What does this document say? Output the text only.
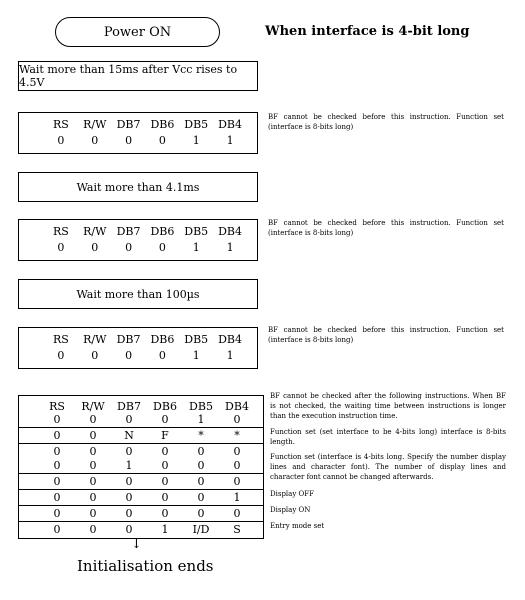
Power ON	When interface is 4-bit long
Wait more than 15ms after Vcc rises to 4.5V
RS	R/W DB7 DB6 DB5 DB4
0	0	0	0	1	1
BF cannot be checked before this instruction. Function set (interface is 8-bits long)
Wait more than 4.1ms
RS	R/W DB7 DB6 DB5 DB4
0	0	0	0	1	1
BF cannot be checked before this instruction. Function set (interface is 8-bits long)
Wait more than 100µs
RS	R/W DB7 DB6 DB5 DB4
0	0	0	0	1	1
BF cannot be checked before this instruction. Function set (interface is 8-bits long)
RS	R/W	DB7	DB6	DB5	DB4
0	0	0	0	1	0
0	0	N	F	*	*
0	0	0	0	0	0
0	0	1	0	0	0
0	0	0	0	0	0
0	0	0	0	0	1
0	0	0	0	0	0
0	0	0	1	I/D	S
BF cannot be checked after the following instructions. When BF is not checked, the waiting time between instructions is longer than the execution instruction time.
Function set (set interface to be 4-bits long) interface is 8-bits length.
Function set (interface is 4-bits long. Specify the number display lines and character font). The number of display lines and character font cannot be changed afterwards.
Display OFF
Display ON
Entry mode set
↓
Initialisation ends
